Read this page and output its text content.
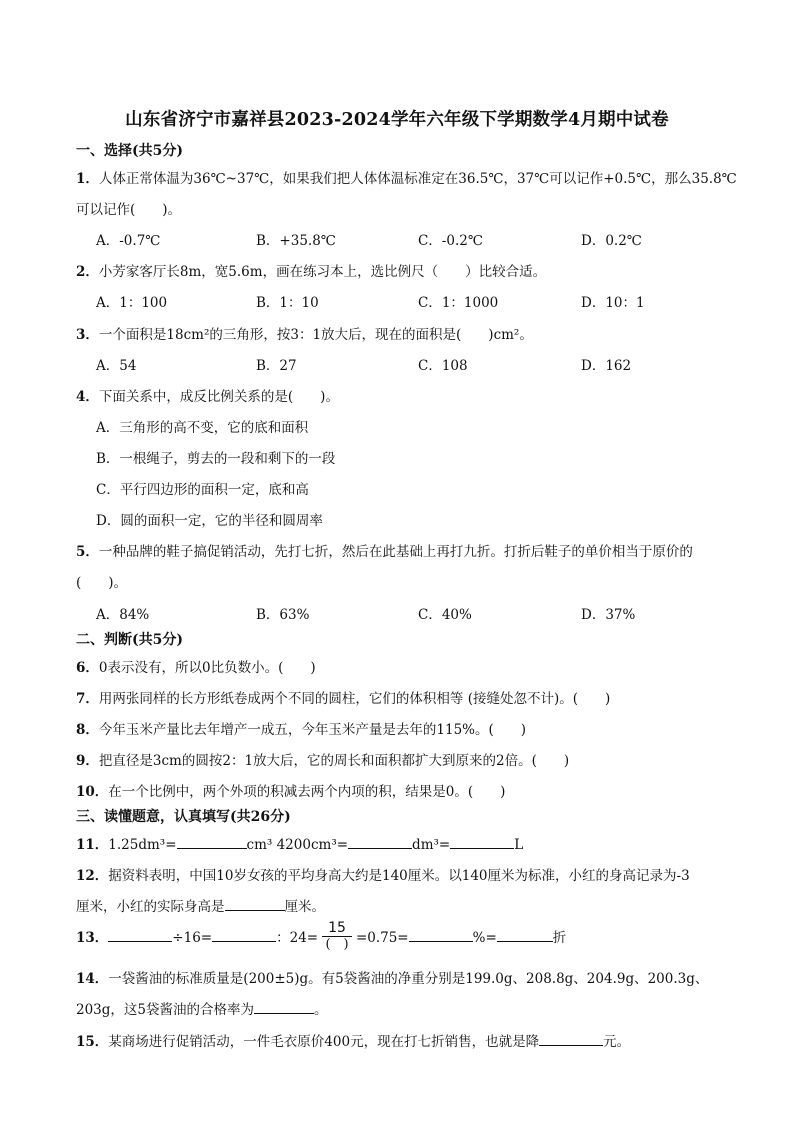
山东省济宁市嘉祥县2023-2024学年六年级下学期数学4月期中试卷
一、选择(共5分)
1．人体正常体温为36℃~37℃，如果我们把人体体温标准定在36.5℃，37℃可以记作+0.5℃，那么35.8℃
可以记作(　　)。
A．-0.7℃	B．+35.8℃	C．-0.2℃	D．0.2℃
2．小芳家客厅长8m，宽5.6m，画在练习本上，选比例尺（　　）比较合适。
A．1：100	B．1：10	C．1：1000	D．10：1
3．一个面积是18cm²的三角形，按3：1放大后，现在的面积是(　　)cm²。
A．54	B．27	C．108	D．162
4．下面关系中，成反比例关系的是(　　)。
A．三角形的高不变，它的底和面积
B．一根绳子，剪去的一段和剩下的一段
C．平行四边形的面积一定，底和高
D．圆的面积一定，它的半径和圆周率
5．一种品牌的鞋子搞促销活动，先打七折，然后在此基础上再打九折。打折后鞋子的单价相当于原价的
(　　)。
A．84%	B．63%	C．40%	D．37%
二、判断(共5分)
6．0表示没有，所以0比负数小。(　　)
7．用两张同样的长方形纸卷成两个不同的圆柱，它们的体积相等 (接缝处忽不计)。(　　)
8．今年玉米产量比去年增产一成五，今年玉米产量是去年的115%。(　　)
9．把直径是3cm的圆按2：1放大后，它的周长和面积都扩大到原来的2倍。(　　)
10．在一个比例中，两个外项的积减去两个内项的积，结果是0。(　　)
三、读懂题意，认真填写(共26分)
11．1.25dm³=	cm³ 4200cm³=	dm³=	L
12．据资料表明，中国10岁女孩的平均身高大约是140厘米。以140厘米为标准，小红的身高记录为-3
厘米，小红的实际身高是	厘米。
13．	÷16=	：$24= \frac{15}{( )} =0.75=$	%=	折
14．一袋酱油的标准质量是(200±5)g。有5袋酱油的净重分别是199.0g、208.8g、204.9g、200.3g、
203g，这5袋酱油的合格率为	。
15．某商场进行促销活动，一件毛衣原价400元，现在打七折销售，也就是降	元。
